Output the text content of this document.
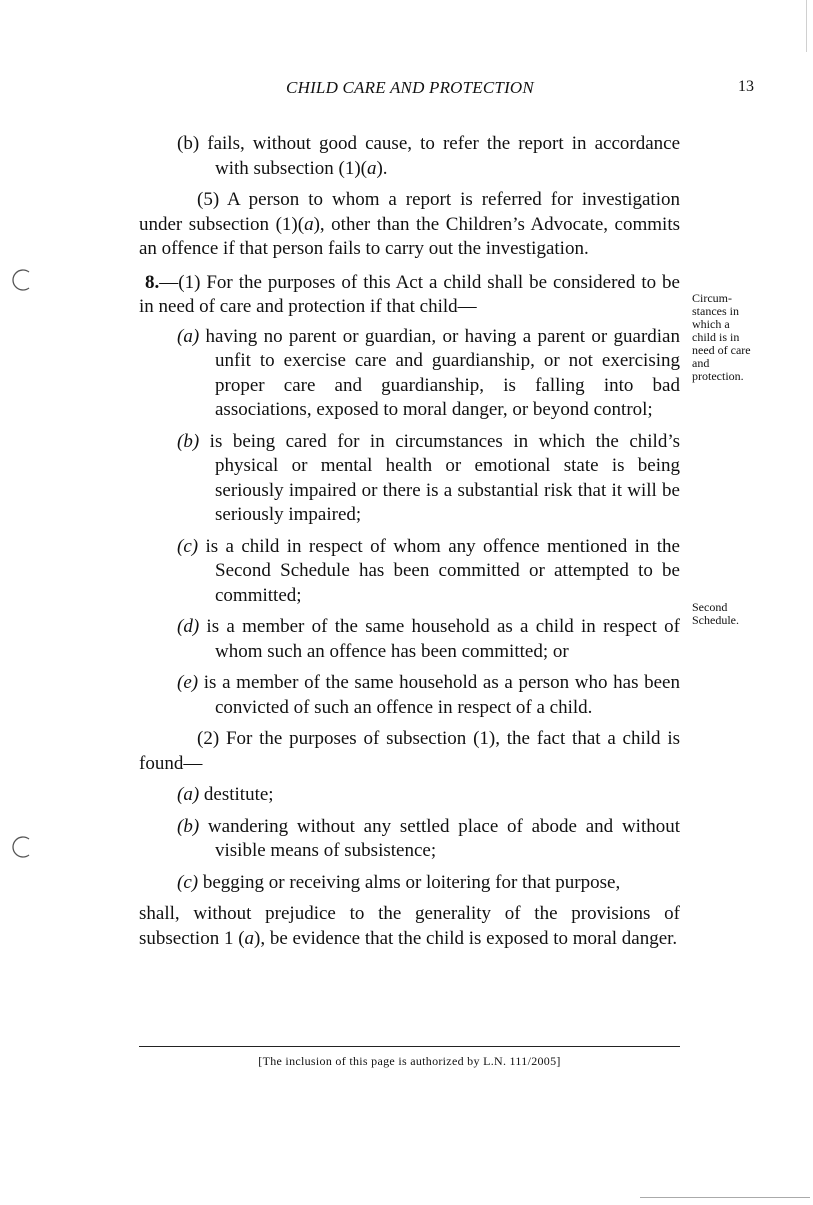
CHILD CARE AND PROTECTION	13

(b) fails, without good cause, to refer the report in accordance with subsection (1)(a).

(5) A person to whom a report is referred for investigation under subsection (1)(a), other than the Children’s Advocate, commits an offence if that person fails to carry out the investigation.

8.—(1) For the purposes of this Act a child shall be considered to be in need of care and protection if that child—

(a) having no parent or guardian, or having a parent or guardian unfit to exercise care and guardianship, or not exercising proper care and guardianship, is falling into bad associations, exposed to moral danger, or beyond control;

(b) is being cared for in circumstances in which the child’s physical or mental health or emotional state is being seriously impaired or there is a substantial risk that it will be seriously impaired;

(c) is a child in respect of whom any offence mentioned in the Second Schedule has been committed or attempted to be committed;

(d) is a member of the same household as a child in respect of whom such an offence has been committed; or

(e) is a member of the same household as a person who has been convicted of such an offence in respect of a child.

(2) For the purposes of subsection (1), the fact that a child is found—

(a) destitute;

(b) wandering without any settled place of abode and without visible means of subsistence;

(c) begging or receiving alms or loitering for that purpose,

shall, without prejudice to the generality of the provisions of subsection 1 (a), be evidence that the child is exposed to moral danger.

Circum-
stances in
which a
child is in
need of care
and
protection.
Second
Schedule.
[The inclusion of this page is authorized by L.N. 111/2005]
